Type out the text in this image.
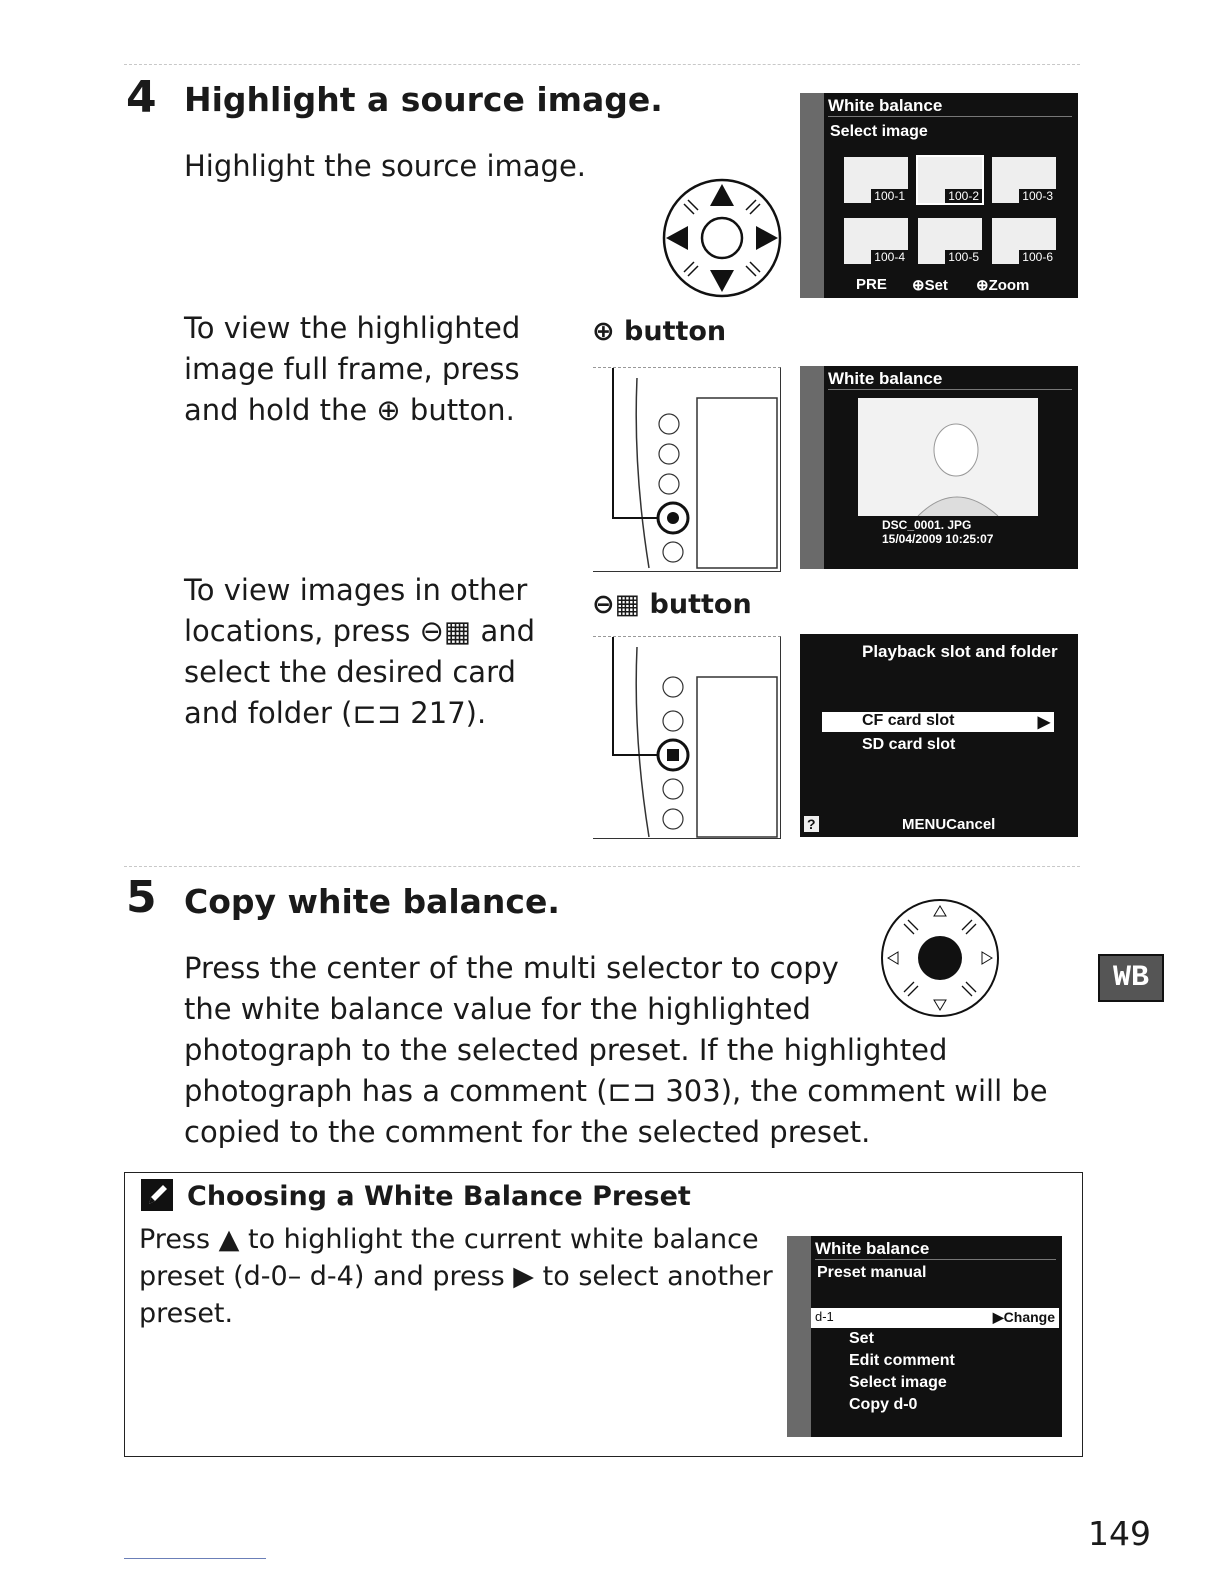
4 Highlight a source image.
Highlight the source image.
To view the highlighted
image full frame, press
and hold the ⊕ button.
To view images in other
locations, press ⊖▦ and
select the desired card
and folder (⊏⊐ 217).
White balance
Select image
100-1	100-2	100-3
100-4	100-5	100-6
PRE ⊕Set ⊕Zoom
⊕ button
White balance
DSC_0001. JPG
15/04/2009 10:25:07
⊖▦ button
Playback slot and folder
CF card slot	▶
SD card slot
?	MENUCancel
5 Copy white balance.
Press the center of the multi selector to copy
the white balance value for the highlighted
photograph to the selected preset. If the highlighted
photograph has a comment (⊏⊐ 303), the comment will be
copied to the comment for the selected preset.
WB
Choosing a White Balance Preset
Press ▲ to highlight the current white balance
preset (d-0– d-4) and press ▶ to select another
preset.
White balance
Preset manual
d-1	▶Change
Set
Edit comment
Select image
Copy d-0
149
